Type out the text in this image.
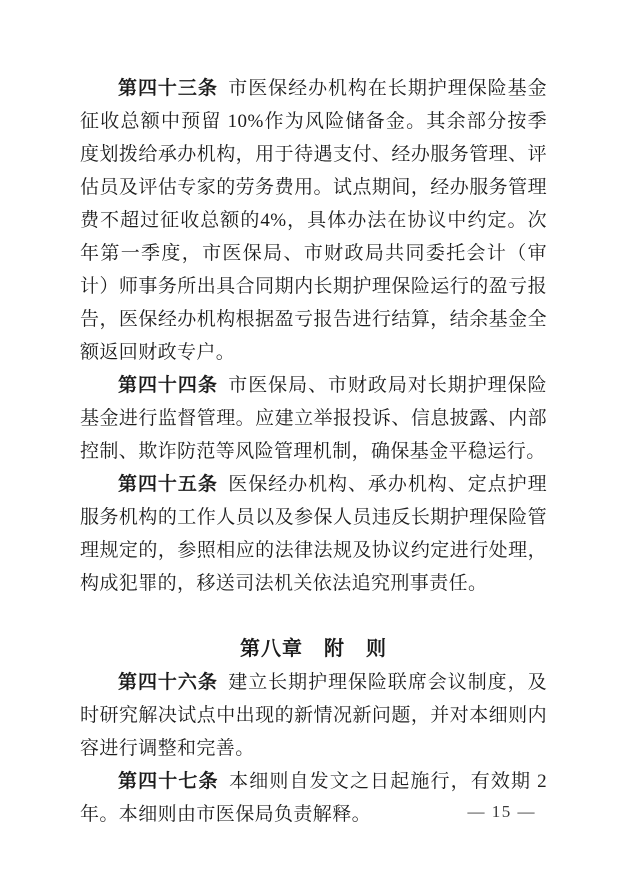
第四十三条 市医保经办机构在长期护理保险基金征收总额中预留 10%作为风险储备金。其余部分按季度划拨给承办机构，用于待遇支付、经办服务管理、评估员及评估专家的劳务费用。试点期间，经办服务管理费不超过征收总额的4%，具体办法在协议中约定。次年第一季度，市医保局、市财政局共同委托会计（审计）师事务所出具合同期内长期护理保险运行的盈亏报告，医保经办机构根据盈亏报告进行结算，结余基金全额返回财政专户。

第四十四条 市医保局、市财政局对长期护理保险基金进行监督管理。应建立举报投诉、信息披露、内部控制、欺诈防范等风险管理机制，确保基金平稳运行。

第四十五条 医保经办机构、承办机构、定点护理服务机构的工作人员以及参保人员违反长期护理保险管理规定的，参照相应的法律法规及协议约定进行处理，构成犯罪的，移送司法机关依法追究刑事责任。

第八章　附　则

第四十六条 建立长期护理保险联席会议制度，及时研究解决试点中出现的新情况新问题，并对本细则内容进行调整和完善。

第四十七条 本细则自发文之日起施行，有效期 2 年。本细则由市医保局负责解释。	— 15 —
